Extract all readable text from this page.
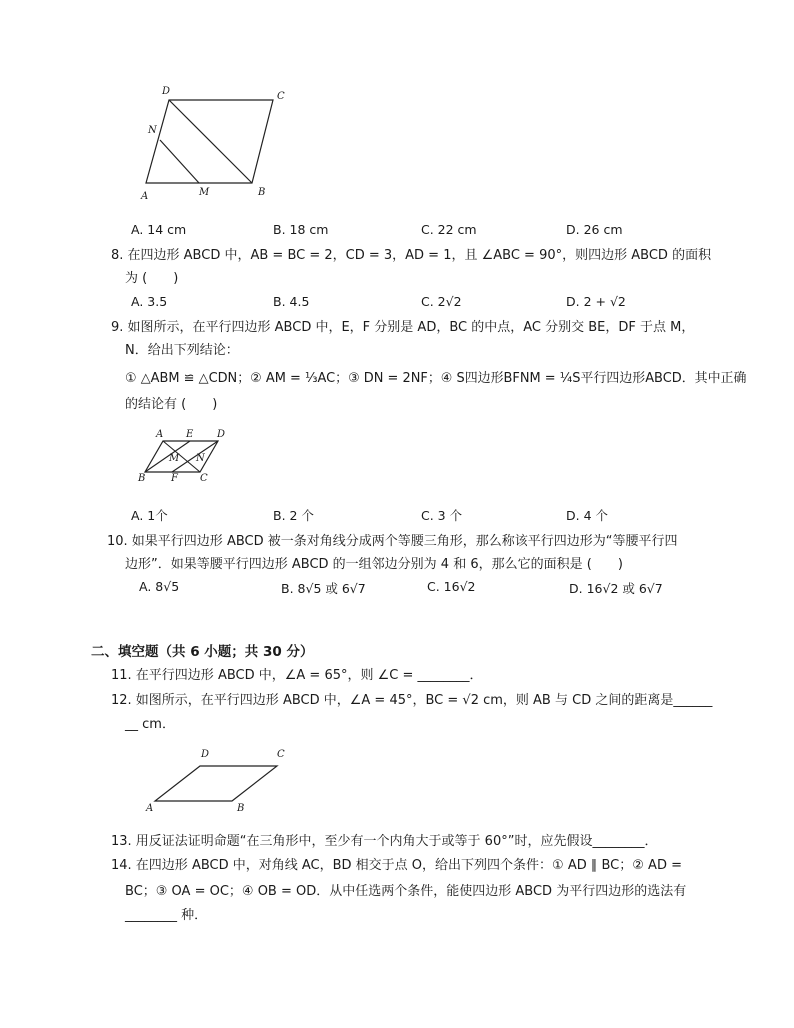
D	C
N
A	M	B
A. 14 cm	B. 18 cm	C. 22 cm	D. 26 cm
8. 在四边形 ABCD 中，AB = BC = 2，CD = 3，AD = 1，且 ∠ABC = 90°，则四边形 ABCD 的面积
为 (　　)
A. 3.5	B. 4.5	C. 2√2	D. 2 + √2
9. 如图所示，在平行四边形 ABCD 中，E，F 分别是 AD，BC 的中点，AC 分别交 BE，DF 于点 M，
N．给出下列结论：
① △ABM ≌ △CDN；② AM = ⅓AC；③ DN = 2NF；④ S四边形BFNM = ¼S平行四边形ABCD．其中正确
的结论有 (　　)
A E D
M N
B	F C
A. 1个	B. 2 个	C. 3 个	D. 4 个
10. 如果平行四边形 ABCD 被一条对角线分成两个等腰三角形，那么称该平行四边形为“等腰平行四
边形”．如果等腰平行四边形 ABCD 的一组邻边分别为 4 和 6，那么它的面积是 (　　)
A. 8√5	B. 8√5 或 6√7	C. 16√2	D. 16√2 或 6√7
二、填空题（共 6 小题；共 30 分）
11. 在平行四边形 ABCD 中，∠A = 65°，则 ∠C = ________．
12. 如图所示，在平行四边形 ABCD 中，∠A = 45°，BC = √2 cm，则 AB 与 CD 之间的距离是______
__ cm．
D	C
A	B
13. 用反证法证明命题“在三角形中，至少有一个内角大于或等于 60°”时，应先假设________．
14. 在四边形 ABCD 中，对角线 AC，BD 相交于点 O，给出下列四个条件：① AD ∥ BC；② AD =
BC；③ OA = OC；④ OB = OD．从中任选两个条件，能使四边形 ABCD 为平行四边形的选法有
________ 种．
